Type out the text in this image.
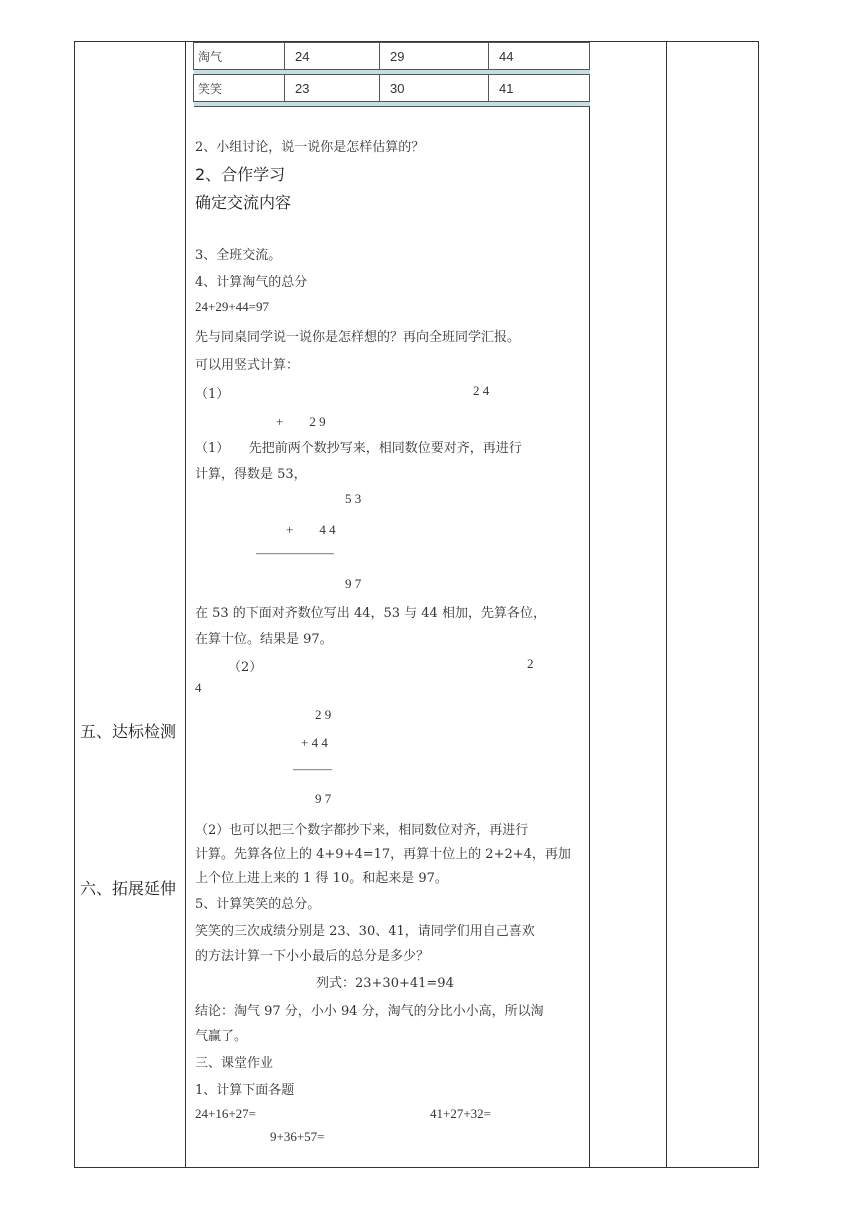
五、达标检测
六、拓展延伸
淘气	24	29	44

笑笑	23	30	41

2、小组讨论，说一说你是怎样估算的？
2、合作学习
确定交流内容
3、全班交流。
4、计算淘气的总分
24+29+44=97
先与同桌同学说一说你是怎样想的？再向全班同学汇报。
可以用竖式计算：
（1）	2 4
+　　2 9
（1）　　先把前两个数抄写来，相同数位要对齐，再进行
计算，得数是 53，
5 3
+　　4 4
——————
9 7
在 53 的下面对齐数位写出 44，53 与 44 相加，先算各位，
在算十位。结果是 97。
（2）	2
4
2 9
+ 4 4
———
9 7
（2）也可以把三个数字都抄下来，相同数位对齐，再进行
计算。先算各位上的 4+9+4=17，再算十位上的 2+2+4，再加
上个位上进上来的 1 得 10。和起来是 97。
5、计算笑笑的总分。
笑笑的三次成绩分别是 23、30、41，请同学们用自己喜欢
的方法计算一下小小最后的总分是多少？
列式：23+30+41=94
结论：淘气 97 分，小小 94 分，淘气的分比小小高，所以淘
气赢了。
三、课堂作业
1、计算下面各题
24+16+27=	41+27+32=
9+36+57=
